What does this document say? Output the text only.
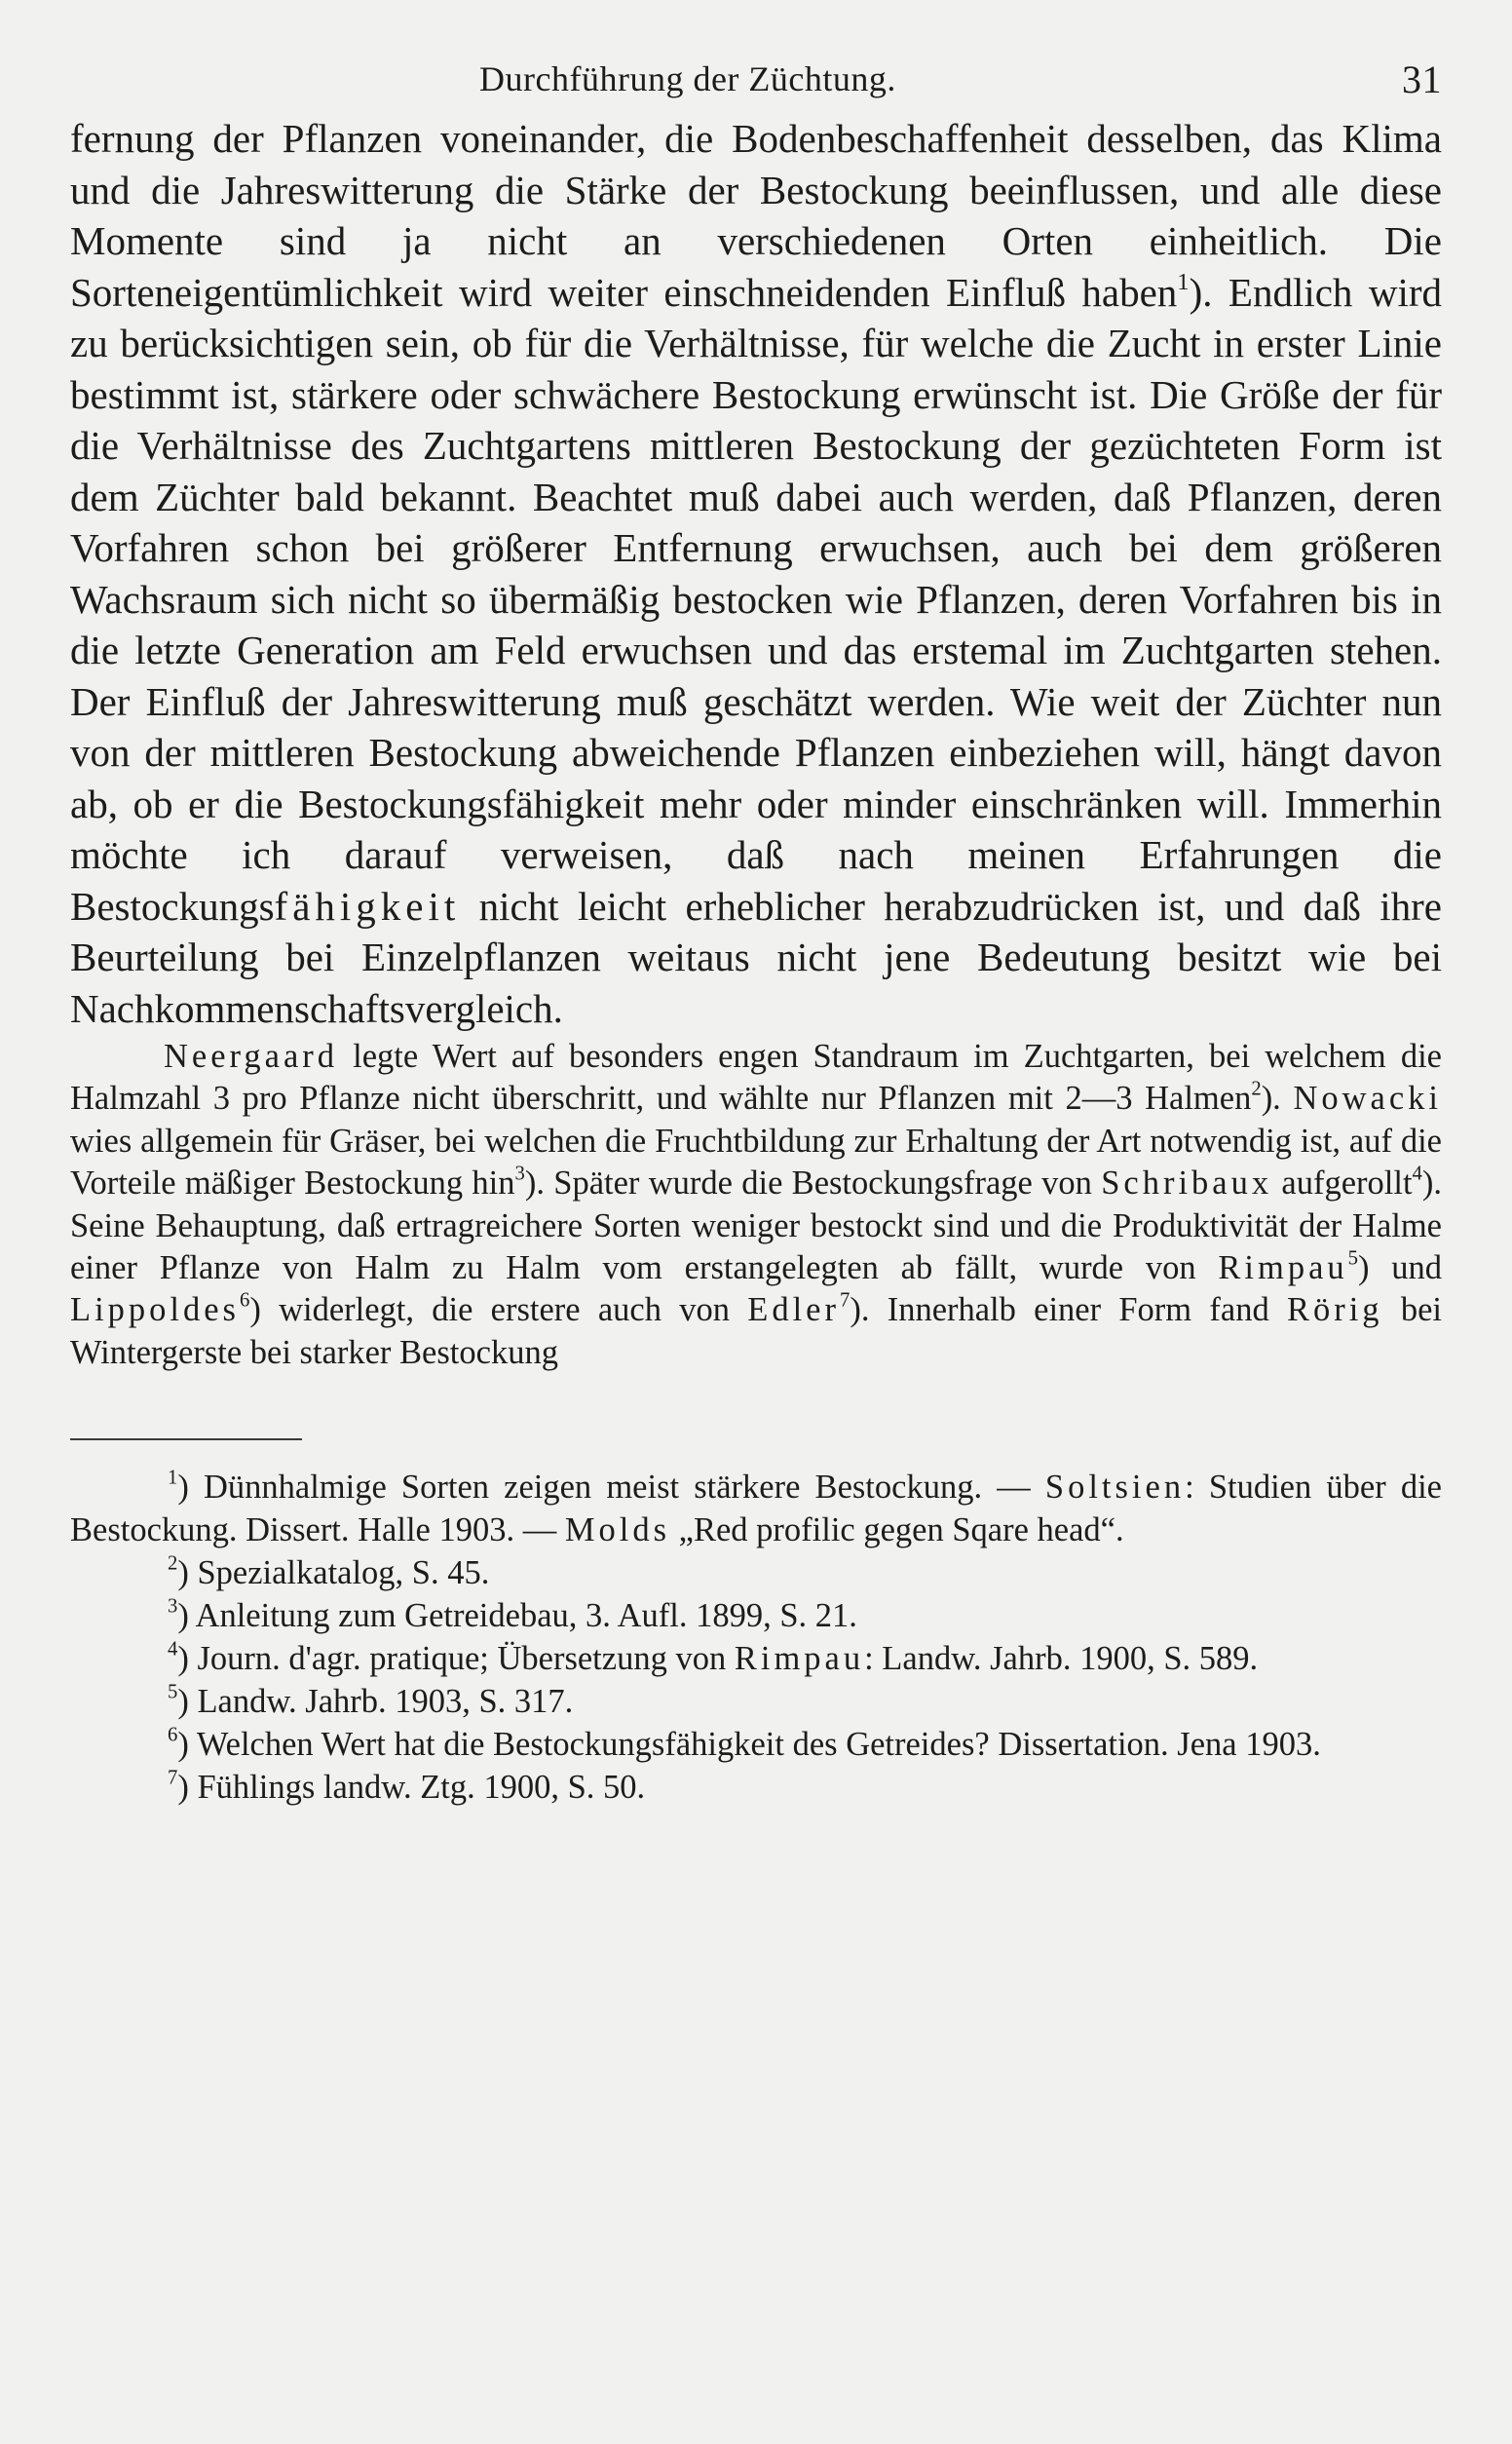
Durchführung der Züchtung.	31

fernung der Pflanzen voneinander, die Bodenbeschaffenheit desselben, das Klima und die Jahreswitterung die Stärke der Bestockung beeinflussen, und alle diese Momente sind ja nicht an verschiedenen Orten einheitlich. Die Sorteneigentümlichkeit wird weiter einschneidenden Einfluß haben$^1$). Endlich wird zu berücksichtigen sein, ob für die Verhältnisse, für welche die Zucht in erster Linie bestimmt ist, stärkere oder schwächere Bestockung erwünscht ist. Die Größe der für die Verhältnisse des Zuchtgartens mittleren Bestockung der gezüchteten Form ist dem Züchter bald bekannt. Beachtet muß dabei auch werden, daß Pflanzen, deren Vorfahren schon bei größerer Entfernung erwuchsen, auch bei dem größeren Wachsraum sich nicht so übermäßig bestocken wie Pflanzen, deren Vorfahren bis in die letzte Generation am Feld erwuchsen und das erstemal im Zuchtgarten stehen. Der Einfluß der Jahreswitterung muß geschätzt werden. Wie weit der Züchter nun von der mittleren Bestockung abweichende Pflanzen einbeziehen will, hängt davon ab, ob er die Bestockungsfähigkeit mehr oder minder einschränken will. Immerhin möchte ich darauf verweisen, daß nach meinen Erfahrungen die Bestockungsfähigkeit nicht leicht erheblicher herabzudrücken ist, und daß ihre Beurteilung bei Einzelpflanzen weitaus nicht jene Bedeutung besitzt wie bei Nachkommenschaftsvergleich.

Neergaard legte Wert auf besonders engen Standraum im Zuchtgarten, bei welchem die Halmzahl 3 pro Pflanze nicht überschritt, und wählte nur Pflanzen mit 2—3 Halmen$^2$). Nowacki wies allgemein für Gräser, bei welchen die Fruchtbildung zur Erhaltung der Art notwendig ist, auf die Vorteile mäßiger Bestockung hin$^3$). Später wurde die Bestockungsfrage von Schribaux aufgerollt$^4$). Seine Behauptung, daß ertragreichere Sorten weniger bestockt sind und die Produktivität der Halme einer Pflanze von Halm zu Halm vom erstangelegten ab fällt, wurde von Rimpau$^5$) und Lippoldes$^6$) widerlegt, die erstere auch von Edler$^7$). Innerhalb einer Form fand Rörig bei Wintergerste bei starker Bestockung

$^1$) Dünnhalmige Sorten zeigen meist stärkere Bestockung. — Soltsien: Studien über die Bestockung. Dissert. Halle 1903. — Molds „Red profilic gegen Sqare head“.

$^2$) Spezialkatalog, S. 45.

$^3$) Anleitung zum Getreidebau, 3. Aufl. 1899, S. 21.

$^4$) Journ. d'agr. pratique; Übersetzung von Rimpau: Landw. Jahrb. 1900, S. 589.

$^5$) Landw. Jahrb. 1903, S. 317.

$^6$) Welchen Wert hat die Bestockungsfähigkeit des Getreides? Dissertation. Jena 1903.

$^7$) Fühlings landw. Ztg. 1900, S. 50.
